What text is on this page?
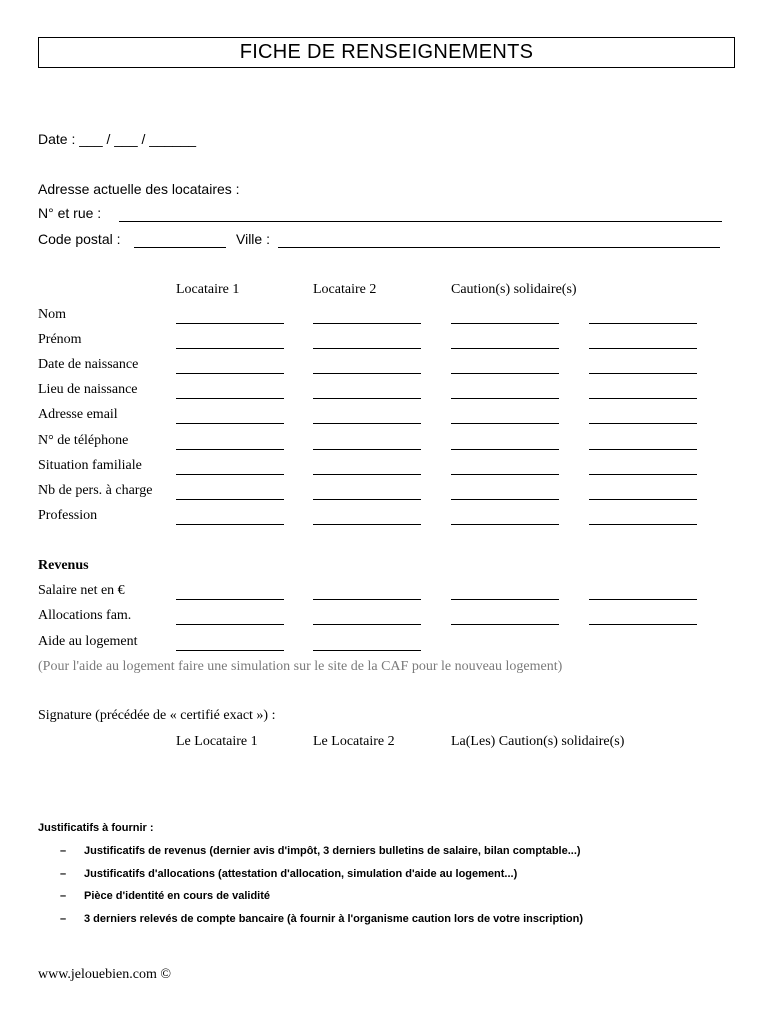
FICHE DE RENSEIGNEMENTS
Date : ___ / ___ / ______
Adresse actuelle des locataires :
N° et rue :
Code postal :	Ville :
Locataire 1	Locataire 2	Caution(s) solidaire(s)
Nom
Prénom
Date de naissance
Lieu de naissance
Adresse email
N° de téléphone
Situation familiale
Nb de pers. à charge
Profession
Revenus
Salaire net en €
Allocations fam.
Aide au logement
(Pour l'aide au logement faire une simulation sur le site de la CAF pour le nouveau logement)
Signature (précédée de « certifié exact ») :
Le Locataire 1	Le Locataire 2	La(Les) Caution(s) solidaire(s)
Justificatifs à fournir :
– Justificatifs de revenus (dernier avis d'impôt, 3 derniers bulletins de salaire, bilan comptable...)
– Justificatifs d'allocations (attestation d'allocation, simulation d'aide au logement...)
– Pièce d'identité en cours de validité
– 3 derniers relevés de compte bancaire (à fournir à l'organisme caution lors de votre inscription)
www.jelouebien.com ©
